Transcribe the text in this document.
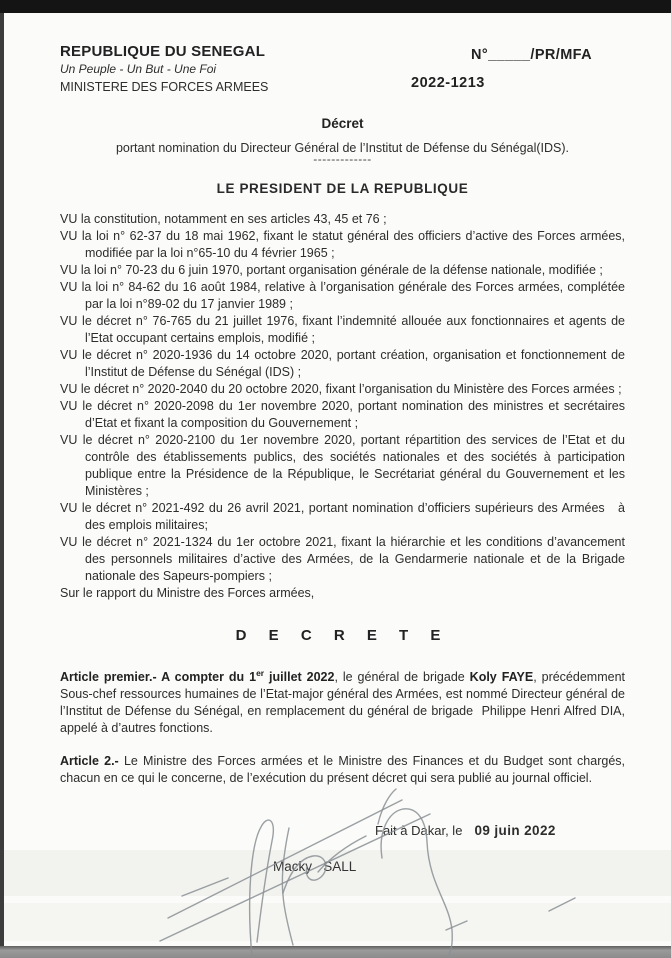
REPUBLIQUE DU SENEGAL
Un Peuple - Un But - Une Foi
MINISTERE DES FORCES ARMEES
N°_____/PR/MFA
2022-1213
Décret
portant nomination du Directeur Général de l’Institut de Défense du Sénégal(IDS).
-------------
LE PRESIDENT DE LA REPUBLIQUE

VU la constitution, notamment en ses articles 43, 45 et 76 ;

VU la loi n° 62-37 du 18 mai 1962, fixant le statut général des officiers d’active des Forces armées, modifiée par la loi n°65-10 du 4 février 1965 ;

VU la loi n° 70-23 du 6 juin 1970, portant organisation générale de la défense nationale, modifiée ;

VU la loi n° 84-62 du 16 août 1984, relative à l’organisation générale des Forces armées, complétée par la loi n°89-02 du 17 janvier 1989 ;

VU le décret n° 76-765 du 21 juillet 1976, fixant l’indemnité allouée aux fonctionnaires et agents de l’Etat occupant certains emplois, modifié ;

VU le décret n° 2020-1936 du 14 octobre 2020, portant création, organisation et fonctionnement de l’Institut de Défense du Sénégal (IDS) ;

VU le décret n° 2020-2040 du 20 octobre 2020, fixant l’organisation du Ministère des Forces armées ;

VU le décret n° 2020-2098 du 1er novembre 2020, portant nomination des ministres et secrétaires d’Etat et fixant la composition du Gouvernement ;

VU le décret n° 2020-2100 du 1er novembre 2020, portant répartition des services de l’Etat et du contrôle des établissements publics, des sociétés nationales et des sociétés à participation publique entre la Présidence de la République, le Secrétariat général du Gouvernement et les Ministères ;

VU le décret n° 2021-492 du 26 avril 2021, portant nomination d’officiers supérieurs des Armées   à des emplois militaires;

VU le décret n° 2021-1324 du 1er octobre 2021, fixant la hiérarchie et les conditions d’avancement des personnels militaires d’active des Armées, de la Gendarmerie nationale et de la Brigade nationale des Sapeurs-pompiers ;

Sur le rapport du Ministre des Forces armées,

D E C R E T E

Article premier.- A compter du 1er juillet 2022, le général de brigade Koly FAYE, précédemment Sous-chef ressources humaines de l’Etat-major général des Armées, est nommé Directeur général de l’Institut de Défense du Sénégal, en remplacement du général de brigade  Philippe Henri Alfred DIA, appelé à d’autres fonctions.

Article 2.- Le Ministre des Forces armées et le Ministre des Finances et du Budget sont chargés, chacun en ce qui le concerne, de l’exécution du présent décret qui sera publié au journal officiel.

Fait à Dakar, le 09 juin 2022
Macky   SALL
